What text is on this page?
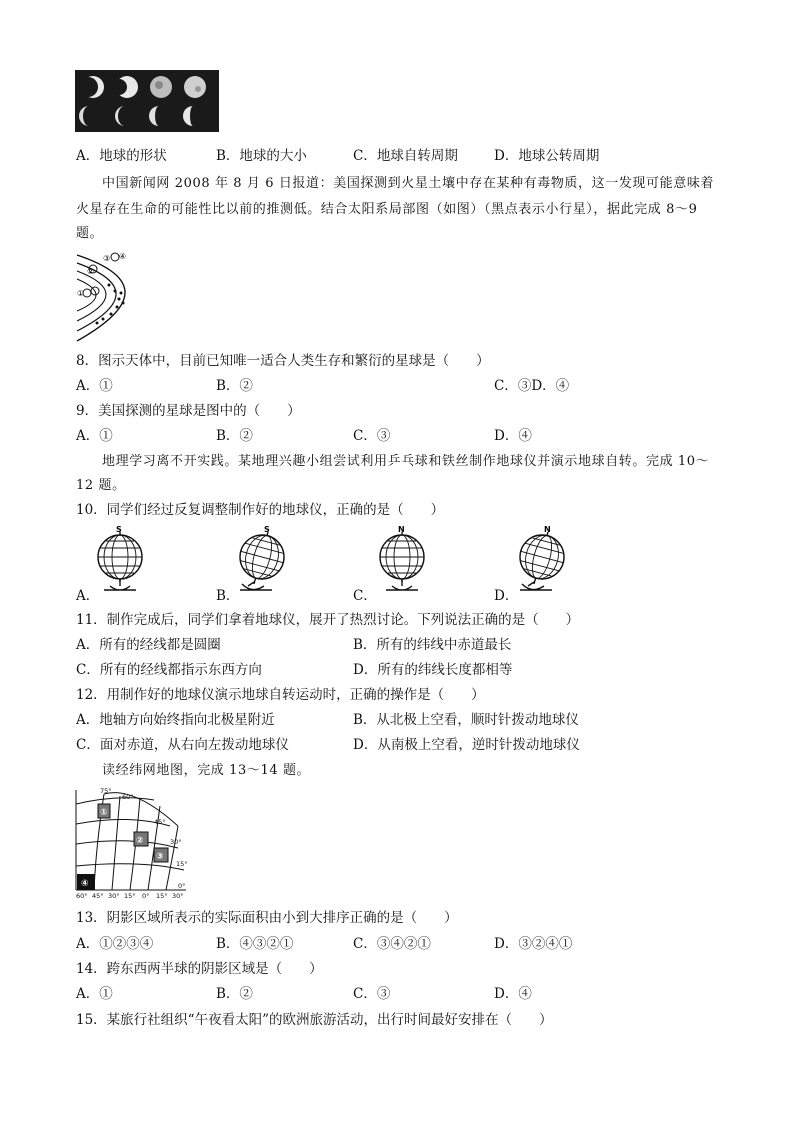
A．地球的形状	B．地球的大小	C．地球自转周期	D．地球公转周期
中国新闻网 2008 年 8 月 6 日报道：美国探测到火星土壤中存在某种有毒物质，这一发现可能意味着
火星存在生命的可能性比以前的推测低。结合太阳系局部图（如图）（黑点表示小行星），据此完成 8～9
题。
①
②
③ ④
8．图示天体中，目前已知唯一适合人类生存和繁衍的星球是（　　）
A．①	B．②	C．③D．④
9．美国探测的星球是图中的（　　）
A．①	B．②	C．③	D．④
地理学习离不开实践。某地理兴趣小组尝试利用乒乓球和铁丝制作地球仪并演示地球自转。完成 10～
12 题。
10．同学们经过反复调整制作好的地球仪，正确的是（　　）
S	S	N	N
A．	B．	C．	D．
11．制作完成后，同学们拿着地球仪，展开了热烈讨论。下列说法正确的是（　　）
A．所有的经线都是圆圈	B．所有的纬线中赤道最长
C．所有的经线都指示东西方向	D．所有的纬线长度都相等
12．用制作好的地球仪演示地球自转运动时，正确的操作是（　　）
A．地轴方向始终指向北极星附近	B．从北极上空看，顺时针拨动地球仪
C．面对赤道，从右向左拨动地球仪	D．从南极上空看，逆时针拨动地球仪
读经纬网地图，完成 13～14 题。
①
②
③
④
75°
60°
45°
30°
15°
0°
60° 45° 30° 15° 0° 15° 30°
13．阴影区域所表示的实际面积由小到大排序正确的是（　　）
A．①②③④	B．④③②①	C．③④②①	D．③②④①
14．跨东西两半球的阴影区域是（　　）
A．①	B．②	C．③	D．④
15．某旅行社组织“午夜看太阳”的欧洲旅游活动，出行时间最好安排在（　　）
